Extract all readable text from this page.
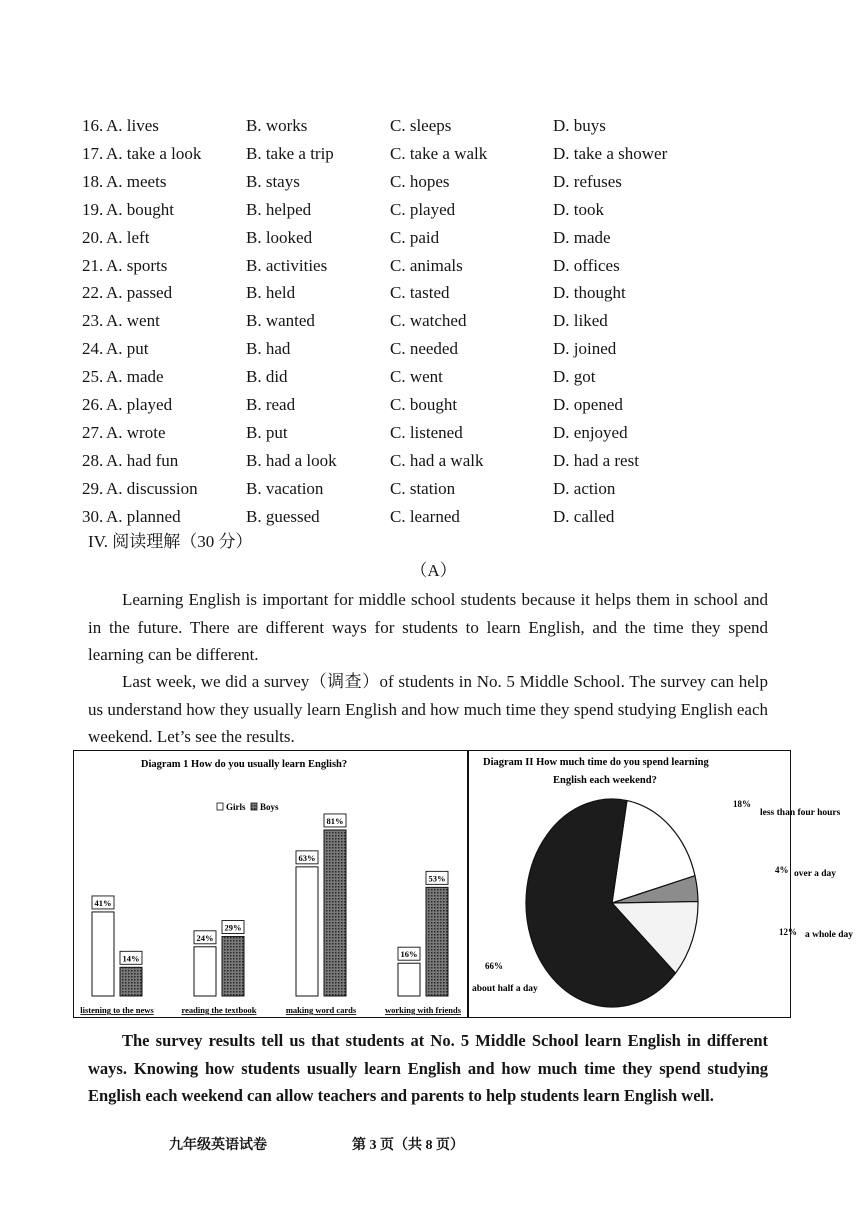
16. A. lives	B. works	C. sleeps	D. buys
17. A. take a look	B. take a trip	C. take a walk	D. take a shower
18. A. meets	B. stays	C. hopes	D. refuses
19. A. bought	B. helped	C. played	D. took
20. A. left	B. looked	C. paid	D. made
21. A. sports	B. activities	C. animals	D. offices
22. A. passed	B. held	C. tasted	D. thought
23. A. went	B. wanted	C. watched	D. liked
24. A. put	B. had	C. needed	D. joined
25. A. made	B. did	C. went	D. got
26. A. played	B. read	C. bought	D. opened
27. A. wrote	B. put	C. listened	D. enjoyed
28. A. had fun	B. had a look	C. had a walk	D. had a rest
29. A. discussion	B. vacation	C. station	D. action
30. A. planned	B. guessed	C. learned	D. called
IV. 阅读理解（30 分）
（A）

Learning English is important for middle school students because it helps them in school and in the future. There are different ways for students to learn English, and the time they spend learning can be different.

Last week, we did a survey（调查）of students in No. 5 Middle School. The survey can help us understand how they usually learn English and how much time they spend studying English each weekend. Let’s see the results.

Diagram 1 How do you usually learn English?
Girls Boys
41%
14%
listening to the news
24%
29%
reading the textbook
63%
81%
making word cards
16%
53%
working with friends
Diagram II How much time do you spend learning
English each weekend?
18%
less than four hours
4% over a day
12% a whole day
66%
about half a day

The survey results tell us that students at No. 5 Middle School learn English in different ways. Knowing how students usually learn English and how much time they spend studying English each weekend can allow teachers and parents to help students learn English well.

九年级英语试卷	第 3 页（共 8 页）
